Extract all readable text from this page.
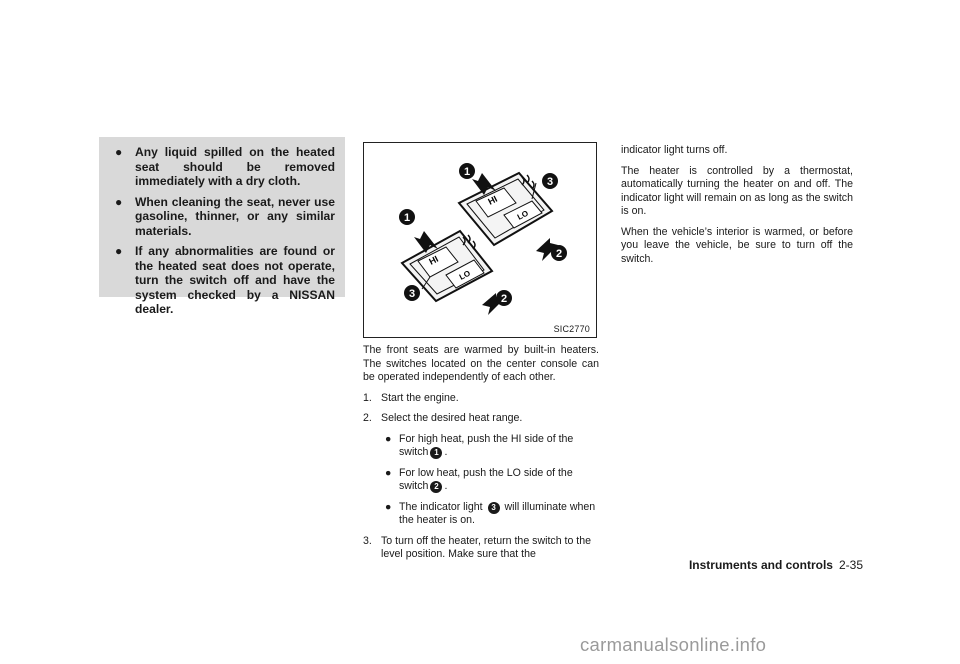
● Any liquid spilled on the heated seat should be removed immediately with a dry cloth.
● When cleaning the seat, never use gasoline, thinner, or any similar materials.
● If any abnormalities are found or the heated seat does not operate, turn the switch off and have the system checked by a NISSAN dealer.
HI
LO
HI
LO
1
3
2
1
3	2
SIC2770

The front seats are warmed by built-in heaters. The switches located on the center console can be operated independently of each other.

1. Start the engine.
2. Select the desired heat range.
● For high heat, push the HI side of the switch 1 .
● For low heat, push the LO side of the switch 2 .
● The indicator light 3 will illuminate when the heater is on.
3. To turn off the heater, return the switch to the level position. Make sure that the

indicator light turns off.

The heater is controlled by a thermostat, automatically turning the heater on and off. The indicator light will remain on as long as the switch is on.

When the vehicle’s interior is warmed, or before you leave the vehicle, be sure to turn off the switch.

Instruments and controls 2-35
carmanualsonline.info
